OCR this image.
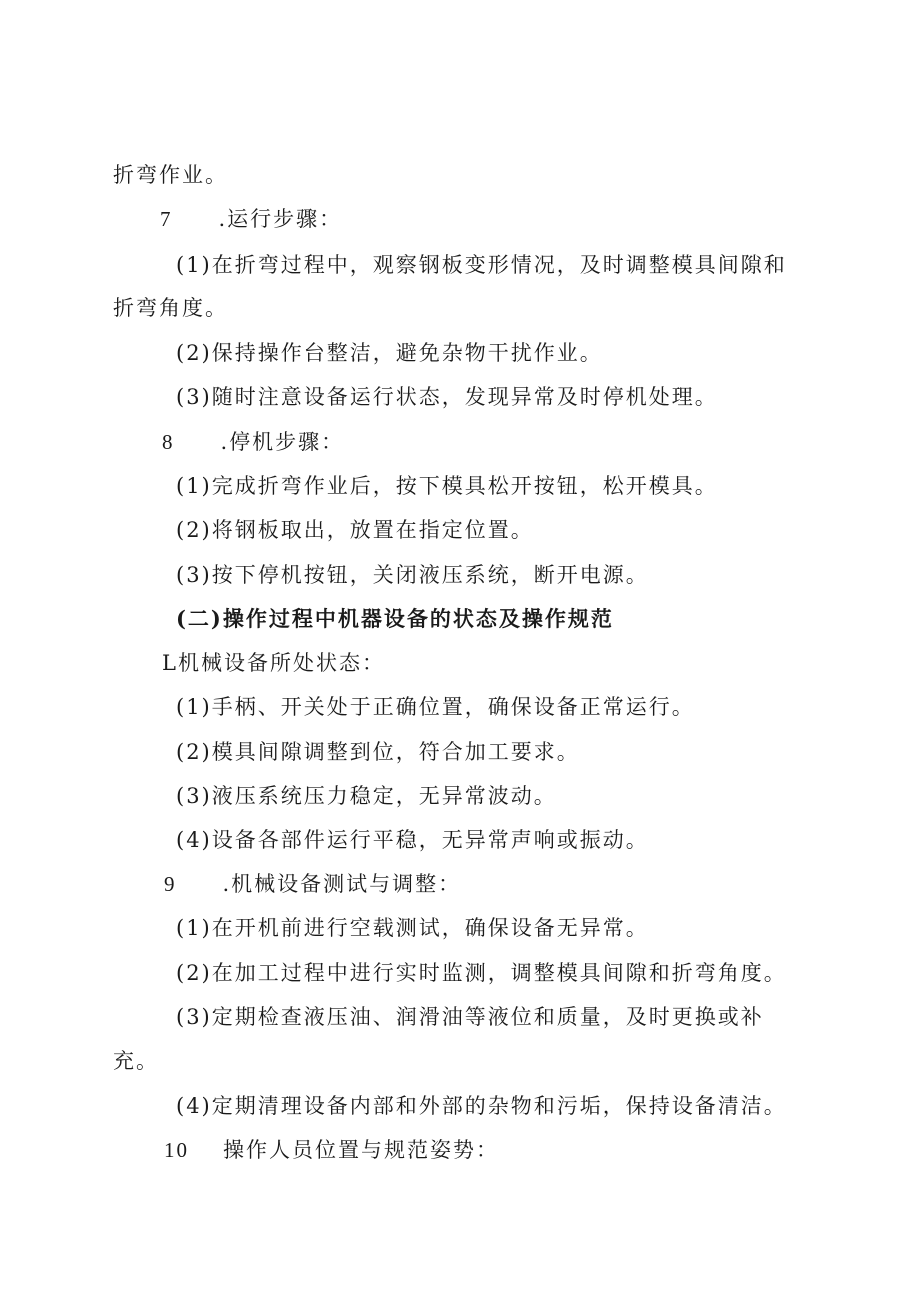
折弯作业。
7 .运行步骤：
(1)在折弯过程中，观察钢板变形情况，及时调整模具间隙和
折弯角度。
(2)保持操作台整洁，避免杂物干扰作业。
(3)随时注意设备运行状态，发现异常及时停机处理。
8 .停机步骤：
(1)完成折弯作业后，按下模具松开按钮，松开模具。
(2)将钢板取出，放置在指定位置。
(3)按下停机按钮，关闭液压系统，断开电源。
(二)操作过程中机器设备的状态及操作规范
L机械设备所处状态：
(1)手柄、开关处于正确位置，确保设备正常运行。
(2)模具间隙调整到位，符合加工要求。
(3)液压系统压力稳定，无异常波动。
(4)设备各部件运行平稳，无异常声响或振动。
9 .机械设备测试与调整：
(1)在开机前进行空载测试，确保设备无异常。
(2)在加工过程中进行实时监测，调整模具间隙和折弯角度。
(3)定期检查液压油、润滑油等液位和质量，及时更换或补
充。
(4)定期清理设备内部和外部的杂物和污垢，保持设备清洁。
10 操作人员位置与规范姿势：
